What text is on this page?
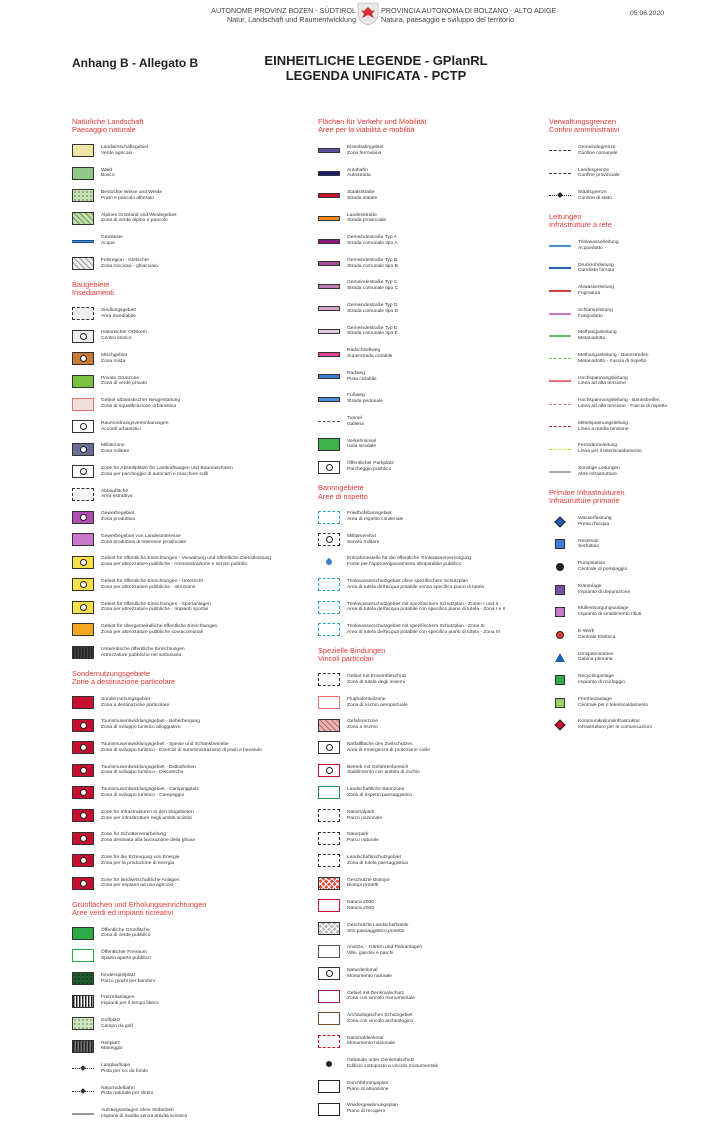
AUTONOME PROVINZ BOZEN - SÜDTIROL
Natur, Landschaft und Raumentwicklung
PROVINCIA AUTONOMA DI BOLZANO - ALTO ADIGE
Natura, paesaggio e sviluppo del territorio
05.06.2020
Anhang B - Allegato B	EINHEITLICHE LEGENDE - GPlanRL
LEGENDA UNIFICATA - PCTP
Natürliche Landschaft
Paesaggio naturale
Landwirtschaftsgebiet
Verde agricolo
Wald
Bosco
Bestockte Wiese und Weide
Prato e pascolo alberato
Alpines Grünland und Weidegebiet
Zona di verde alpino e pascolo
Gewässer
Acque
Felsregion - Gletscher
Zona rocciosa - ghiacciaio
Baugebiete
Insediamenti
Siedlungsgebiet
Area insediabile
Historischer Ortskern
Centro storico
Mischgebiet
Zona mista
Private Grünzone
Zona di verde privato
Gebiet urbanistischer Neugestaltung
Zona di riqualificazione urbanistica
Raumordnungsvereinbarungen
Accordi urbanistici
Militärzone
Zona militare
Zone für Abstellplätze für Lastkraftwagen und Baumaschinen
Zona per parcheggio di autocarri e macchine edili
Abbaufläche
Area estrattiva
Gewerbegebiet
Zona produttiva
Gewerbegebiet von Landesinteresse
Zona produttiva di interesse provinciale
Gebiet für öffentliche Einrichtungen - Verwaltung und öffentliche Dienstleistung
Zona per attrezzature pubbliche - Amministrazione e servizi pubblici
Gebiet für öffentliche Einrichtungen - Unterricht
Zona per attrezzature pubbliche - Istruzione
Gebiet für öffentliche Einrichtungen - Sportanlagen
Zona per attrezzature pubbliche - Impianti sportivi
Gebiet für übergemeindliche öffentliche Einrichtungen
Zona per attrezzature pubbliche sovracomunali
Unterirdische öffentliche Einrichtungen
Attrezzature pubbliche nel sottosuolo
Sondernutzungsgebiete
Zone a destinazione particolare
Sondernutzungsgebiet
Zona a destinazione particolare
Tourismusentwicklungsgebiet - Beherbergung
Zona di sviluppo turistico alloggiativo
Tourismusentwicklungsgebiet - Speise und Schankbetriebe
Zona di sviluppo turistico - Esercizi di somministrazione di pasti e bevande
Tourismusentwicklungsgebiet - Diskotheken
Zona di sviluppo turistico - Discoteche
Tourismusentwicklungsgebiet - Campingplatz
Zona di sviluppo turistico - Campeggio
Zone für Infrastrukturen in den Skigebieten
Zone per infrastrutture negli ambiti sciistici
Zone für Schotterverarbeitung
Zona destinata alla lavorazione della ghiaia
Zone für die Erzeugung von Energie
Zona per la produzione di energia
Zone für landwirtschaftliche Anlagen
Zona per impianti ad uso agricolo
Grünflächen und Erholungseinrichtungen
Aree verdi ed impianti ricreativi
Öffentliche Grünfläche
Zona di verde pubblico
Öffentlicher Freiraum
Spazio aperto pubblico
Kinderspielplatz
Parco giochi per bambini
Freizeitanlagen
Impianti per il tempo libero
Golfplatz
Campo da golf
Reitplatz
Maneggio
Langlaufloipe
Pista per sci da fondo
Naturrodelbahn
Pista naturale per slittini
Aufstiegsanlagen ohne Skibetrieb
Impianti di risalita senza attività sciistica
Flächen für Verkehr und Mobilität
Aree per la viabilità e mobilità
Eisenbahngebiet
Zona ferroviaria
Autobahn
Autostrada
Staatsstraße
Strada statale
Landesstraße
Strada provinciale
Gemeindestraße Typ A
Strada comunale tipo A
Gemeindestraße Typ B
Strada comunale tipo B
Gemeindestraße Typ C
Strada comunale tipo C
Gemeindestraße Typ D
Strada comunale tipo D
Gemeindestraße Typ E
Strada comunale tipo E
Radschnellweg
Superstrada ciclabile
Radweg
Pista ciclabile
Fußweg
Strada pedonale
Tunnel
Galleria
Verkehrsinsel
Isola stradale
Öffentlicher Parkplatz
Parcheggio pubblico
Bannngebiete
Aree di rispetto
Friedhofsbanngebiet
Area di rispetto cimiteriale
Militärservitut
Servitù militare
Entnahmestelle für die öffentliche Trinkwasserversorgung
Fonte per l'approvvigionamento idropotabile pubblico
Trinkwasserschutzgebiet ohne spezifischem Schutzplan
Area di tutela dell'acqua potabile senza specifico piano di tutela
Trinkwasserschutzgebiet mit spezifischem Schutzplan - Zonen I und II
Area di tutela dell'acqua potabile con specifico piano di tutela - Zona I e II
Trinkwasserschutzgebiet mit spezifischem Schutzplan - Zone III
Area di tutela dell'acqua potabile con specifico piano di tutela - Zona III
Spezielle Bindungen
Vincoli particolari
Gebiet mit Ensembleschutz
Zona di tutela degli insiemi
Flughafenteilzone
Zona di rischio aeroportuale
Gefahrenzone
Zona a rischio
Notfallfläche des Zivilschutzes
Area di emergenza di protezione civile
Betrieb mit Gefahrenbereich
Stabilimento con ambito di rischio
Landschaftliche Bannzone
Zona di rispetto paesaggistico
Nationalpark
Parco nazionale
Naturpark
Parco naturale
Landschaftsschutzgebiet
Zona di tutela paesaggistica
Geschützte Biotope
Biotopi protetti
Natura 2000
Natura 2000
Geschützte Landschaftsteile
Sito paesaggistico protetto
Ansitze, - Gärten und Parkanlagen
Ville, giardini e parchi
Naturdenkmal
Monumento naturale
Gebiet mit Denkmalschutz
Zona con vincolo monumentale
Archäologisches Schutzgebiet
Zona con vincolo archeologico
Nationaldenkmal
Monumento nazionale
Gebäude unter Denkmalschutz
Edificio sottoposto a vincolo monumentale
Durchführungsplan
Piano di attuazione
Wiedergewinnungsplan
Piano di recupero
Verwaltungsgrenzen
Confini amministrativi
Gemeindegrenze
Confine comunale
Landesgrenze
Confine provinciale
Staatsgrenze
Confine di stato
Leitungen
Infrastrutture a rete
Trinkwasserleitung
Acquedotto
Druckrohrleitung
Condotta forzata
Abwasserleitung
Fognatura
Schlammleitung
Fangodotto
Methangasleitung
Metanodotto
Methangasleitung - Bannstreifen
Metanodotto - Fascia di rispetto
Hochspannungsleitung
Linea ad alta tensione
Hochspannungsleitung - Bannstreifen
Linea ad alta tensione - Fascia di rispetto
Mittelspannungsleitung
Linea a media tensione
Fernwärmeleitung
Linea per il teleriscaldamento
Sonstige Leitungen
Altre infrastrutture
Primäre Infrastrukturen
Infrastrutture primarie
Wasserfassung
Presa d'acqua
Reservoir
Serbatoio
Pumpstation
Centrale di pompaggio
Kläranlage
Impianto di depurazione
Müllentsorgungsanlage
Impianto di smaltimento rifiuti
E-Werk
Centrale Elettrica
Umspannstation
Cabina primaria
Recyclinganlage
Impianto di riciclaggio
Fernheizanlage
Centrale per il teleriscaldamento
Kommunikationsinfrastruktur
Infrastrutture per le comunicazioni
